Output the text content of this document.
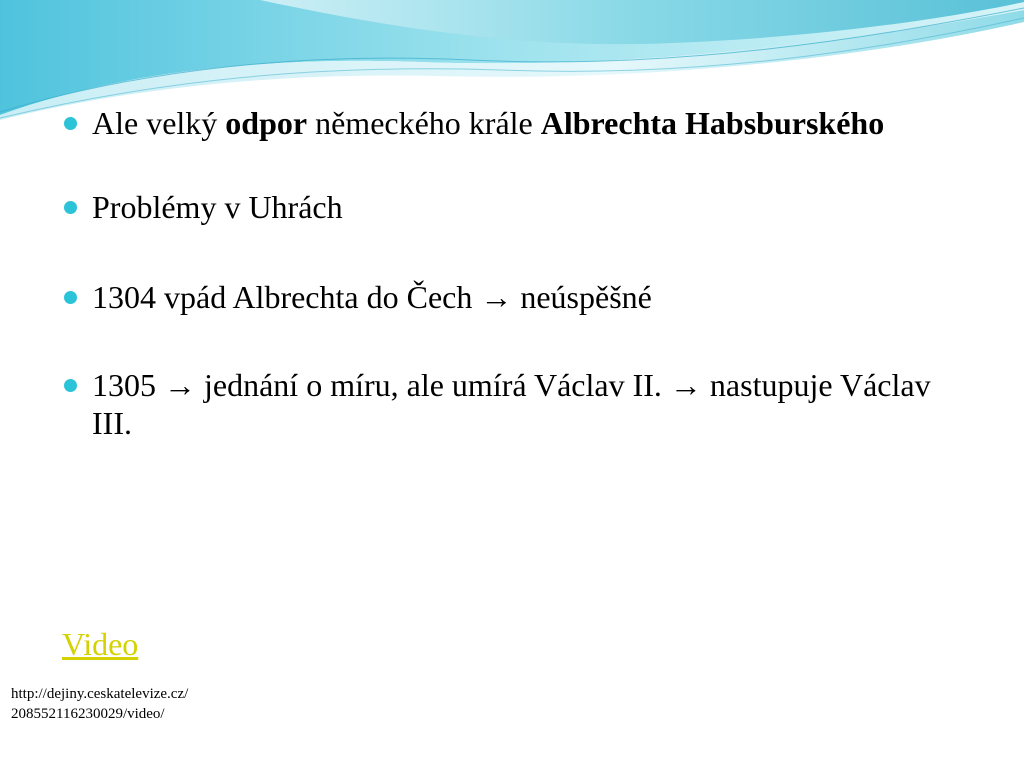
Ale velký odpor německého krále Albrechta Habsburského
Problémy v Uhrách
1304 vpád Albrechta do Čech → neúspěšné
1305 → jednání o míru, ale umírá Václav II. → nastupuje Václav III.
Video
http://dejiny.ceskatelevize.cz/
208552116230029/video/
